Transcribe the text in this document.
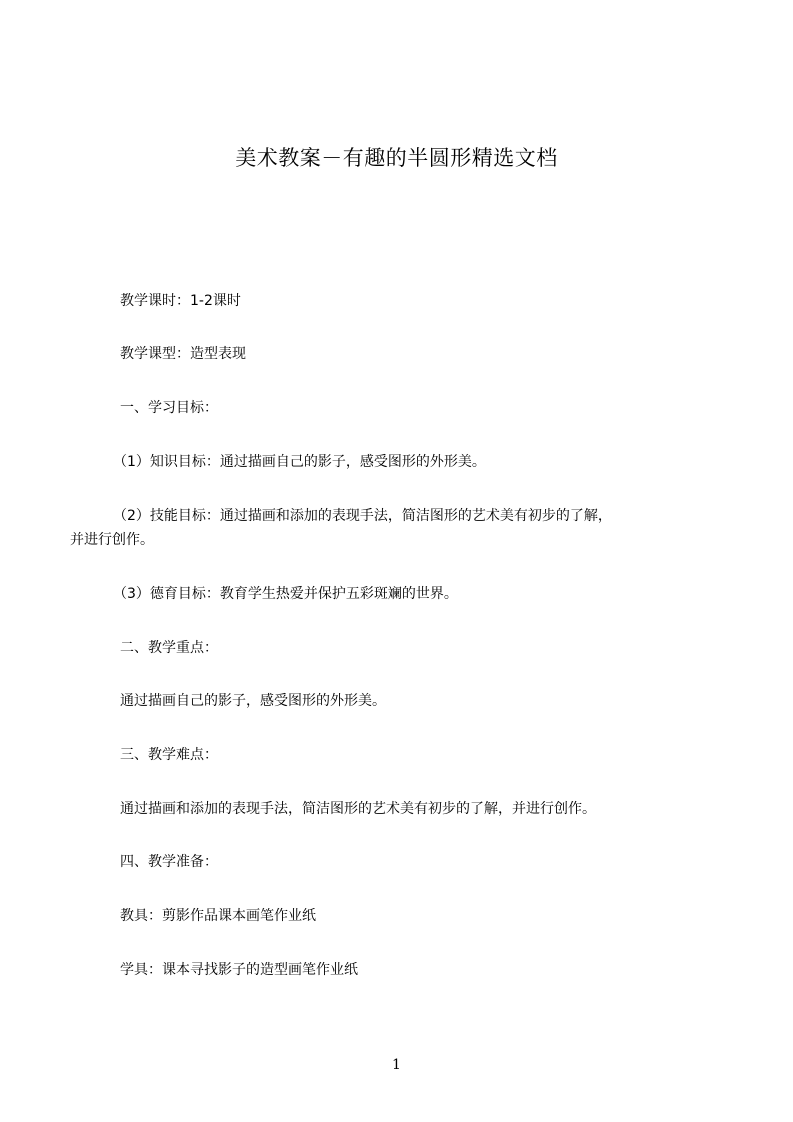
美术教案－有趣的半圆形精选文档
　　教学课时：1-2课时
　　教学课型：造型表现
　　一、学习目标：
　　（1）知识目标：通过描画自己的影子，感受图形的外形美。
　　（2）技能目标：通过描画和添加的表现手法，简洁图形的艺术美有初步的了解，
并进行创作。
　　（3）德育目标：教育学生热爱并保护五彩斑斓的世界。
　　二、教学重点：
　　通过描画自己的影子，感受图形的外形美。
　　三、教学难点：
　　通过描画和添加的表现手法，简洁图形的艺术美有初步的了解，并进行创作。
　　四、教学准备：
　　教具：剪影作品课本画笔作业纸
　　学具：课本寻找影子的造型画笔作业纸
1
